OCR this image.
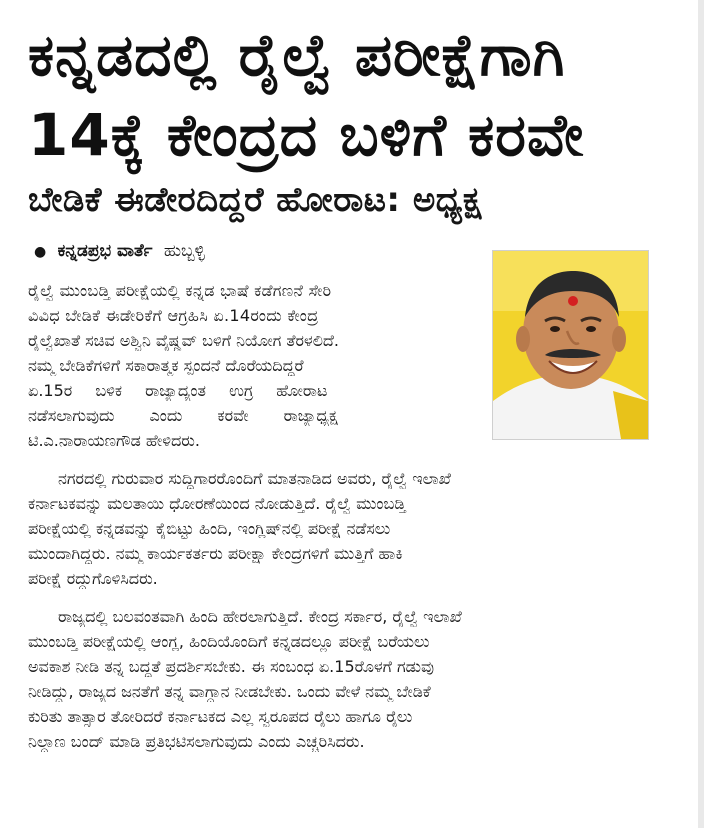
ಕನ್ನಡದಲ್ಲಿ ರೈಲ್ವೆ ಪರೀಕ್ಷೆಗಾಗಿ
14ಕ್ಕೆ ಕೇಂದ್ರದ ಬಳಿಗೆ ಕರವೇ
ಬೇಡಿಕೆ ಈಡೇರದಿದ್ದರೆ ಹೋರಾಟ: ಅಧ್ಯಕ್ಷ
● ಕನ್ನಡಪ್ರಭ ವಾರ್ತೆ ಹುಬ್ಬಳ್ಳಿ
ರೈಲ್ವೆ ಮುಂಬಡ್ತಿ ಪರೀಕ್ಷೆಯಲ್ಲಿ ಕನ್ನಡ ಭಾಷೆ ಕಡೆಗಣನೆ ಸೇರಿ
ವಿವಿಧ ಬೇಡಿಕೆ ಈಡೇರಿಕೆಗೆ ಆಗ್ರಹಿಸಿ ಏ.14ರಂದು ಕೇಂದ್ರ
ರೈಲ್ವೆಖಾತೆ ಸಚಿವ ಅಶ್ವಿನಿ ವೈಷ್ಣವ್ ಬಳಿಗೆ ನಿಯೋಗ ತೆರಳಲಿದೆ.
ನಮ್ಮ ಬೇಡಿಕೆಗಳಿಗೆ ಸಕಾರಾತ್ಮಕ ಸ್ಪಂದನೆ ದೊರೆಯದಿದ್ದರೆ
ಏ.15ರ ಬಳಿಕ ರಾಜ್ಯಾದ್ಯಂತ ಉಗ್ರ ಹೋರಾಟ
ನಡೆಸಲಾಗುವುದು ಎಂದು ಕರವೇ ರಾಜ್ಯಾಧ್ಯಕ್ಷ
ಟಿ.ಎ.ನಾರಾಯಣಗೌಡ ಹೇಳಿದರು.
ನಗರದಲ್ಲಿ ಗುರುವಾರ ಸುದ್ದಿಗಾರರೊಂದಿಗೆ ಮಾತನಾಡಿದ ಅವರು, ರೈಲ್ವೆ ಇಲಾಖೆ
ಕರ್ನಾಟಕವನ್ನು ಮಲತಾಯಿ ಧೋರಣೆಯಿಂದ ನೋಡುತ್ತಿದೆ. ರೈಲ್ವೆ ಮುಂಬಡ್ತಿ
ಪರೀಕ್ಷೆಯಲ್ಲಿ ಕನ್ನಡವನ್ನು ಕೈಬಿಟ್ಟು ಹಿಂದಿ, ಇಂಗ್ಲಿಷ್‌ನಲ್ಲಿ ಪರೀಕ್ಷೆ ನಡೆಸಲು
ಮುಂದಾಗಿದ್ದರು. ನಮ್ಮ ಕಾರ್ಯಕರ್ತರು ಪರೀಕ್ಷಾ ಕೇಂದ್ರಗಳಿಗೆ ಮುತ್ತಿಗೆ ಹಾಕಿ
ಪರೀಕ್ಷೆ ರದ್ದುಗೊಳಿಸಿದರು.
ರಾಜ್ಯದಲ್ಲಿ ಬಲವಂತವಾಗಿ ಹಿಂದಿ ಹೇರಲಾಗುತ್ತಿದೆ. ಕೇಂದ್ರ ಸರ್ಕಾರ, ರೈಲ್ವೆ ಇಲಾಖೆ
ಮುಂಬಡ್ತಿ ಪರೀಕ್ಷೆಯಲ್ಲಿ ಆಂಗ್ಲ, ಹಿಂದಿಯೊಂದಿಗೆ ಕನ್ನಡದಲ್ಲೂ ಪರೀಕ್ಷೆ ಬರೆಯಲು
ಅವಕಾಶ ನೀಡಿ ತನ್ನ ಬದ್ಧತೆ ಪ್ರದರ್ಶಿಸಬೇಕು. ಈ ಸಂಬಂಧ ಏ.15ರೊಳಗೆ ಗಡುವು
ನೀಡಿದ್ದು, ರಾಜ್ಯದ ಜನತೆಗೆ ತನ್ನ ವಾಗ್ದಾನ ನೀಡಬೇಕು. ಒಂದು ವೇಳೆ ನಮ್ಮ ಬೇಡಿಕೆ
ಕುರಿತು ತಾತ್ಸಾರ ತೋರಿದರೆ ಕರ್ನಾಟಕದ ಎಲ್ಲ ಸ್ವರೂಪದ ರೈಲು ಹಾಗೂ ರೈಲು
ನಿಲ್ದಾಣ ಬಂದ್ ಮಾಡಿ ಪ್ರತಿಭಟಿಸಲಾಗುವುದು ಎಂದು ಎಚ್ಚರಿಸಿದರು.
